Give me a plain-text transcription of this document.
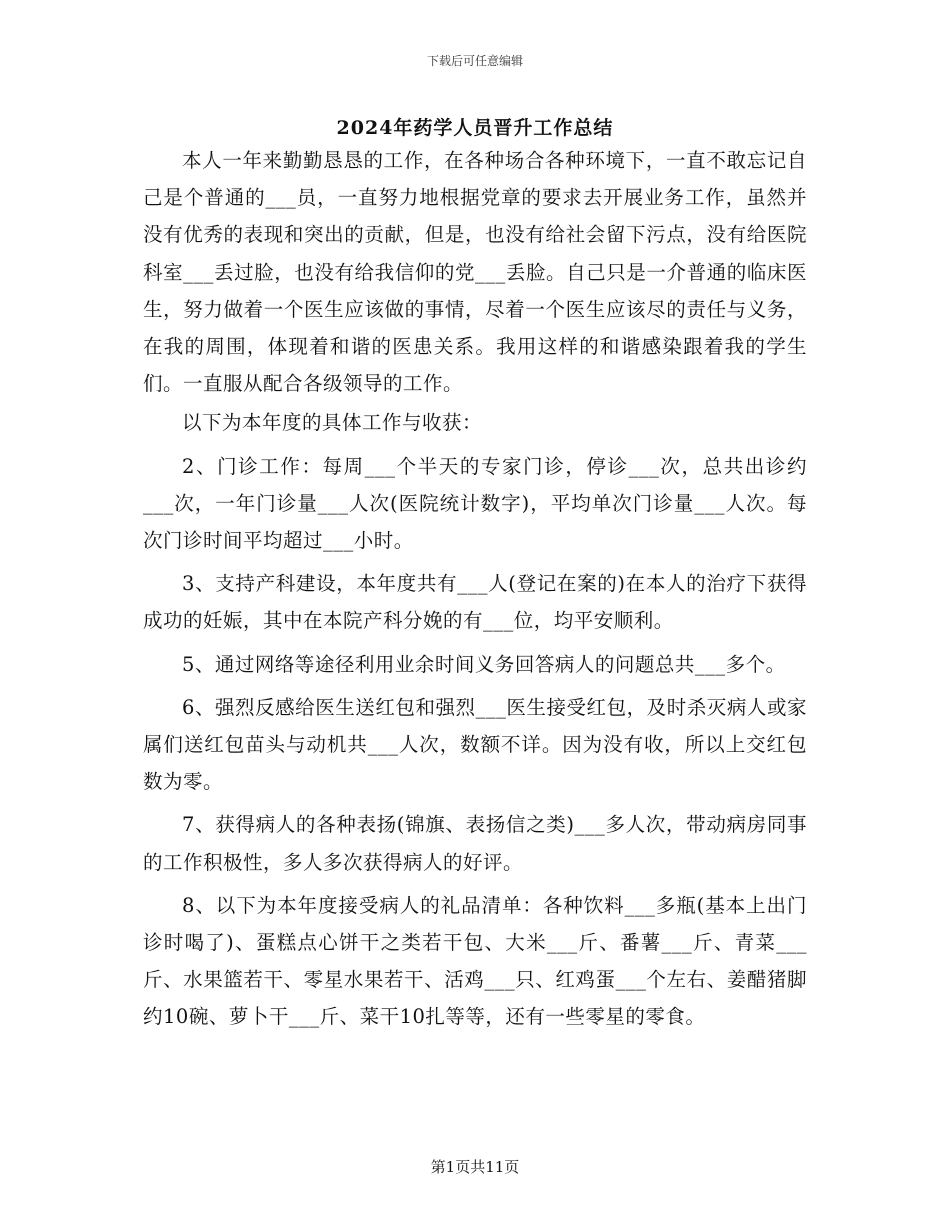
下载后可任意编辑
2024年药学人员晋升工作总结

本人一年来勤勤恳恳的工作，在各种场合各种环境下，一直不敢忘记自己是个普通的___员，一直努力地根据党章的要求去开展业务工作，虽然并没有优秀的表现和突出的贡献，但是，也没有给社会留下污点，没有给医院科室___丢过脸，也没有给我信仰的党___丢脸。自己只是一介普通的临床医生，努力做着一个医生应该做的事情，尽着一个医生应该尽的责任与义务，在我的周围，体现着和谐的医患关系。我用这样的和谐感染跟着我的学生们。一直服从配合各级领导的工作。

以下为本年度的具体工作与收获：

2、门诊工作：每周___个半天的专家门诊，停诊___次，总共出诊约___次，一年门诊量___人次(医院统计数字)，平均单次门诊量___人次。每次门诊时间平均超过___小时。

3、支持产科建设，本年度共有___人(登记在案的)在本人的治疗下获得成功的妊娠，其中在本院产科分娩的有___位，均平安顺利。

5、通过网络等途径利用业余时间义务回答病人的问题总共___多个。

6、强烈反感给医生送红包和强烈___医生接受红包，及时杀灭病人或家属们送红包苗头与动机共___人次，数额不详。因为没有收，所以上交红包数为零。

7、获得病人的各种表扬(锦旗、表扬信之类)___多人次，带动病房同事的工作积极性，多人多次获得病人的好评。

8、以下为本年度接受病人的礼品清单：各种饮料___多瓶(基本上出门诊时喝了)、蛋糕点心饼干之类若干包、大米___斤、番薯___斤、青菜___斤、水果篮若干、零星水果若干、活鸡___只、红鸡蛋___个左右、姜醋猪脚约10碗、萝卜干___斤、菜干10扎等等，还有一些零星的零食。

第1页共11页
